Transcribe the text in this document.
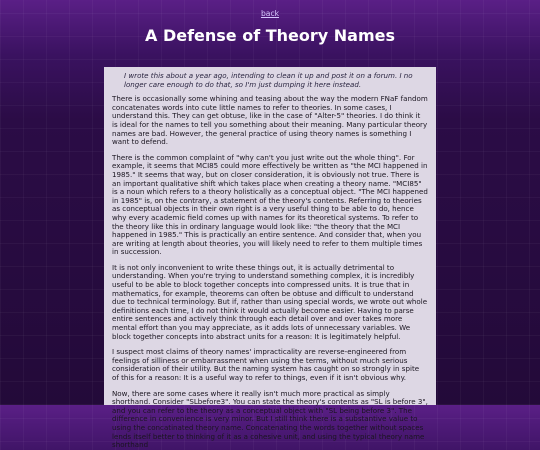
back
A Defense of Theory Names

I wrote this about a year ago, intending to clean it up and post it on a forum. I no longer care enough to do that, so I'm just dumping it here instead.

There is occasionally some whining and teasing about the way the modern FNaF fandom concatenates words into cute little names to refer to theories. In some cases, I understand this. They can get obtuse, like in the case of "Alter-5" theories. I do think it is ideal for the names to tell you something about their meaning. Many particular theory names are bad. However, the general practice of using theory names is something I want to defend.

There is the common complaint of "why can't you just write out the whole thing". For example, it seems that MCI85 could more effectively be written as "the MCI happened in 1985." It seems that way, but on closer consideration, it is obviously not true. There is an important qualitative shift which takes place when creating a theory name. "MCI85" is a noun which refers to a theory holistically as a conceptual object. "The MCI happened in 1985" is, on the contrary, a statement of the theory's contents. Referring to theories as conceptual objects in their own right is a very useful thing to be able to do, hence why every academic field comes up with names for its theoretical systems. To refer to the theory like this in ordinary language would look like: "the theory that the MCI happened in 1985." This is practically an entire sentence. And consider that, when you are writing at length about theories, you will likely need to refer to them multiple times in succession.

It is not only inconvenient to write these things out, it is actually detrimental to understanding. When you're trying to understand something complex, it is incredibly useful to be able to block together concepts into compressed units. It is true that in mathematics, for example, theorems can often be obtuse and difficult to understand due to technical terminology. But if, rather than using special words, we wrote out whole definitions each time, I do not think it would actually become easier. Having to parse entire sentences and actively think through each detail over and over takes more mental effort than you may appreciate, as it adds lots of unnecessary variables. We block together concepts into abstract units for a reason: It is legitimately helpful.

I suspect most claims of theory names' impracticality are reverse-engineered from feelings of silliness or embarrassment when using the terms, without much serious consideration of their utility. But the naming system has caught on so strongly in spite of this for a reason: It is a useful way to refer to things, even if it isn't obvious why.

Now, there are some cases where it really isn't much more practical as simply shorthand. Consider "SLbefore3". You can state the theory's contents as "SL is before 3", and you can refer to the theory as a conceptual object with "SL being before 3". The difference in convenience is very minor. But I still think there is a substantive value to using the concatinated theory name. Concatenating the words together without spaces lends itself better to thinking of it as a cohesive unit, and using the typical theory name shorthand
